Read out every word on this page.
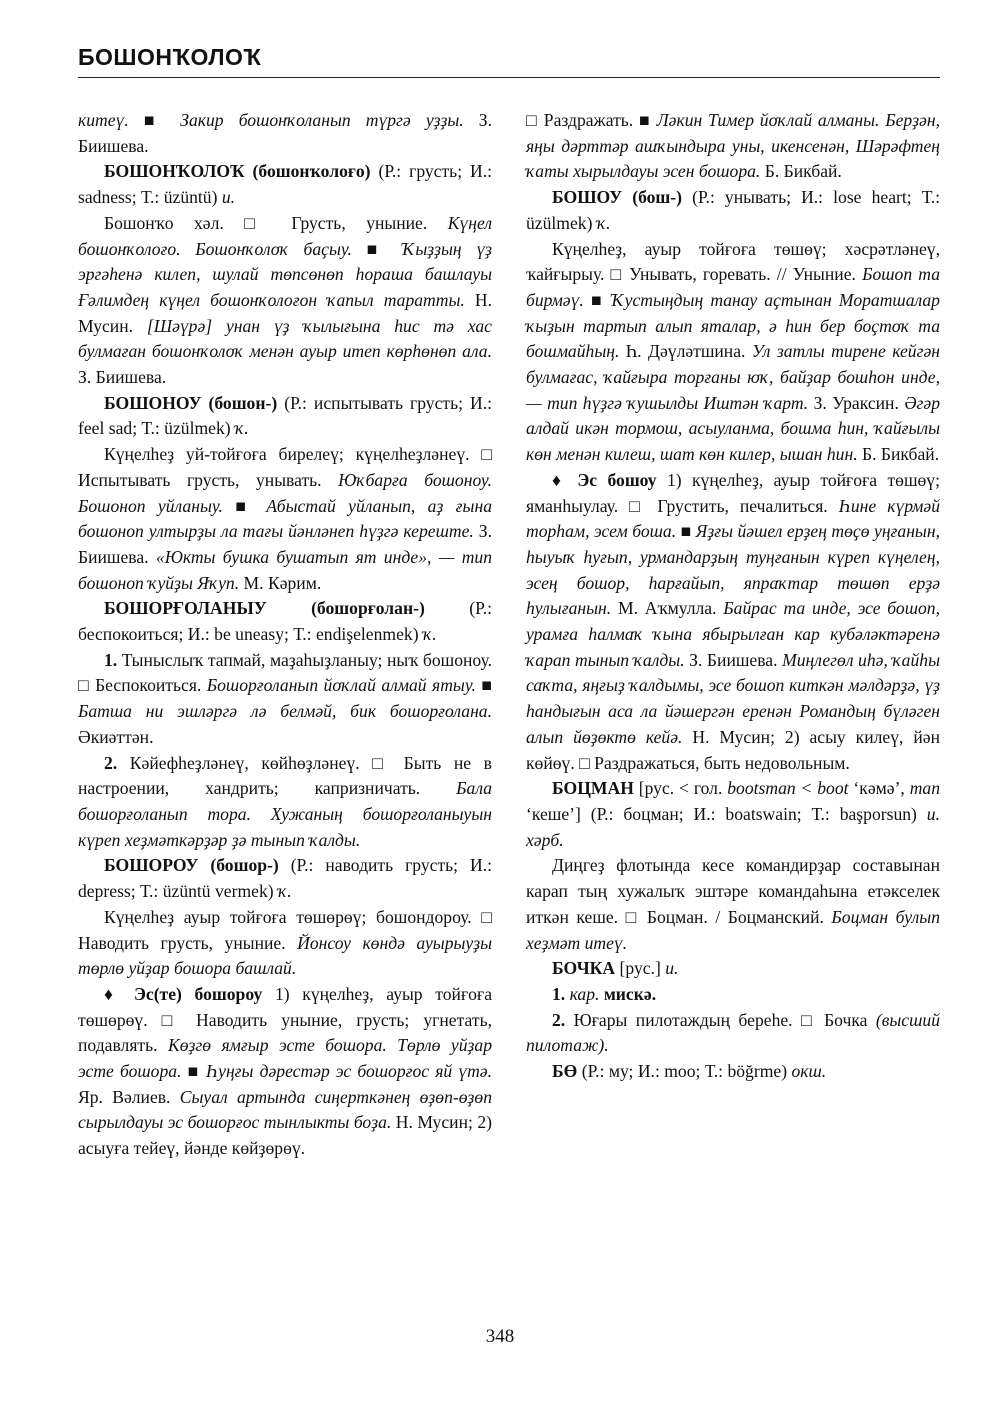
БОШОНҠОЛОҠ

китеү. ■ Закир бошонҡоланып түргә уҙҙы. З. Биишева.

БОШОНҠОЛОҠ (бошонҡолоғо) (Р.: грусть; И.: sadness; Т.: üzüntü) и.

Бошонҡо хәл. □ Грусть, уныние. Күңел бошонҡолоғо. Бошонҡолоҡ баҫыу. ■ Ҡыҙҙың үҙ эргәһенә килеп, шулай төпсөнөп һораша башлауы Ғәлимдең күңел бошонҡолоғон ҡапыл таратты. Н. Мусин. [Шәүрә] унан үҙ ҡылығына һис тә хас булмаған бошонҡолоҡ менән ауыр итеп көрһөнөп ала. З. Биишева.

БОШОНОУ (бошон-) (Р.: испытывать грусть; И.: feel sad; Т.: üzülmek) ҡ.

Күңелһеҙ уй-тойғоға бирелеү; күңелһеҙләнеү. □ Испытывать грусть, унывать. Юҡбарға бошоноу. Бошоноп уйланыу. ■ Абыстай уйланып, аҙ ғына бошоноп ултырҙы ла тағы йәнләнеп һүҙгә кереште. З. Биишева. «Юкты бушка бушатып ят инде», — тип бошоноп ҡуйҙы Яҡуп. М. Кәрим.

БОШОРҒОЛАНЫУ (бошорғолан-) (Р.: беспокоиться; И.: be uneasy; Т.: endişelenmek) ҡ.

1. Тыныслыҡ тапмай, маҙаһыҙланыу; ныҡ бошоноу. □ Беспокоиться. Бошорғоланып йоҡлай алмай ятыу. ■ Батша ни эшләргә лә белмәй, бик бошорғолана. Әкиәттән.

2. Кәйефһеҙләнеү, көйһөҙләнеү. □ Быть не в настроении, хандрить; капризничать. Бала бошорғоланып тора. Хужаның бошорғоланыуын күреп хеҙмәткәрҙәр ҙә тынып ҡалды.

БОШОРОУ (бошор-) (Р.: наводить грусть; И.: depress; Т.: üzüntü vermek) ҡ.

Күңелһеҙ ауыр тойғоға төшөрөү; бошондороу. □ Наводить грусть, уныние. Йонсоу көндә ауырыуҙы төрлө уйҙар бошора башлай.

♦ Эс(те) бошороу 1) күңелһеҙ, ауыр тойғоға төшөрөү. □ Наводить уныние, грусть; угнетать, подавлять. Көҙгө ямғыр эсте бошора. Төрлө уйҙар эсте бошора. ■ Һуңғы дәрестәр эс бошорғос яй үтә. Яр. Вәлиев. Сыуал артында сиңерткәнең өҙөп-өҙөп сырылдауы эс бошорғос тынлыкты боҙа. Н. Мусин; 2) асыуға тейеү, йәнде көйҙөрөү.

□ Раздражать. ■ Ләкин Тимер йоҡлай алманы. Берҙән, яңы дәрттәр ашҡындыра уны, икенсенән, Шәрәфтең ҡаты хырылдауы эсен бошора. Б. Бикбай.

БОШОУ (бош-) (Р.: унывать; И.: lose heart; Т.: üzülmek) ҡ.

Күңелһеҙ, ауыр тойғоға төшөү; хәсрәтләнеү, ҡайғырыу. □ Унывать, горевать. // Уныние. Бошоп та бирмәү. ■ Ҡустыңдың танау аҫтынан Моратшалар ҡыҙын тартып алып яталар, ә һин бер боҫтоҡ та бошмайһың. Һ. Дәүләтшина. Ул затлы тирене кейгән булмағас, ҡайғыра торғаны юҡ, байҙар бошһон инде, — тип һүҙгә ҡушылды Иштән ҡарт. З. Ураксин. Әгәр алдай икән тормош, асыуланма, бошма һин, ҡайғылы көн менән килеш, шат көн килер, ышан һин. Б. Бикбай.

♦ Эс бошоу 1) күңелһеҙ, ауыр тойғоға төшөү; яманһыулау. □ Грустить, печалиться. Һине күрмәй торһам, эсем боша. ■ Яҙғы йәшел ерҙең төҫө уңғанын, һыуыҡ һуғып, урмандарҙың туңғанын күреп күңелең, эсең бошор, һарғайып, япраҡтар төшөп ерҙә һулығанын. М. Аҡмулла. Байрас та инде, эсе бошоп, урамға һалмаҡ ҡына ябырылған кар кубәләктәренә ҡарап тынып ҡалды. З. Биишева. Миңлегөл иһә, ҡайһы саҡта, яңғыҙ ҡалдымы, эсе бошоп киткән мәлдәрҙә, үҙ һандығын аса ла йәшергән еренән Романдың бүләген алып йөҙөктө кейә. Н. Мусин; 2) асыу килеү, йән көйөү. □ Раздражаться, быть недовольным.

БОЦМАН [рус. < гол. bootsman < boot ‘кәмә’, man ‘кеше’] (Р.: боцман; И.: boatswain; Т.: başporsun) и. хәрб.

Диңгеҙ флотында кесе командирҙар составынан карап тың хужалыҡ эштәре командаһына етәкселек иткән кеше. □ Боцман. / Боцманский. Боцман булып хеҙмәт итеү.

БОЧКА [рус.] и.

1. кар. мискә.

2. Юғары пилотаждың береһе. □ Бочка (высший пилотаж).

БӨ (Р.: му; И.: moo; Т.: böğrme) окш.

348
